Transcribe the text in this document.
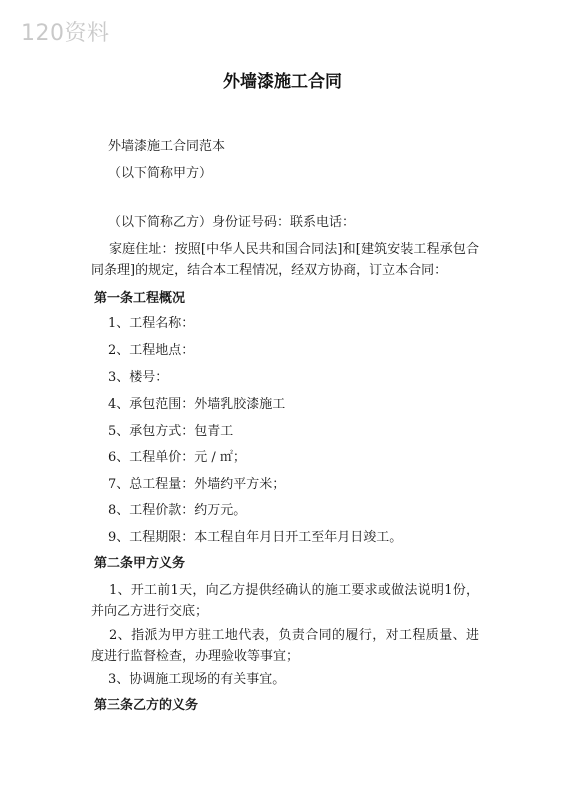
120资料
外墙漆施工合同
外墙漆施工合同范本
（以下简称甲方）
（以下简称乙方）身份证号码：联系电话：
家庭住址：按照[中华人民共和国合同法]和[建筑安装工程承包合同条理]的规定，结合本工程情况，经双方协商，订立本合同：
第一条工程概况
1、工程名称：
2、工程地点：
3、楼号：
4、承包范围：外墙乳胶漆施工
5、承包方式：包青工
6、工程单价：元 / ㎡；
7、总工程量：外墙约平方米；
8、工程价款：约万元。
9、工程期限：本工程自年月日开工至年月日竣工。
第二条甲方义务
1、开工前1天，向乙方提供经确认的施工要求或做法说明1份，并向乙方进行交底；
2、指派为甲方驻工地代表，负责合同的履行，对工程质量、进度进行监督检查，办理验收等事宜；
3、协调施工现场的有关事宜。
第三条乙方的义务
